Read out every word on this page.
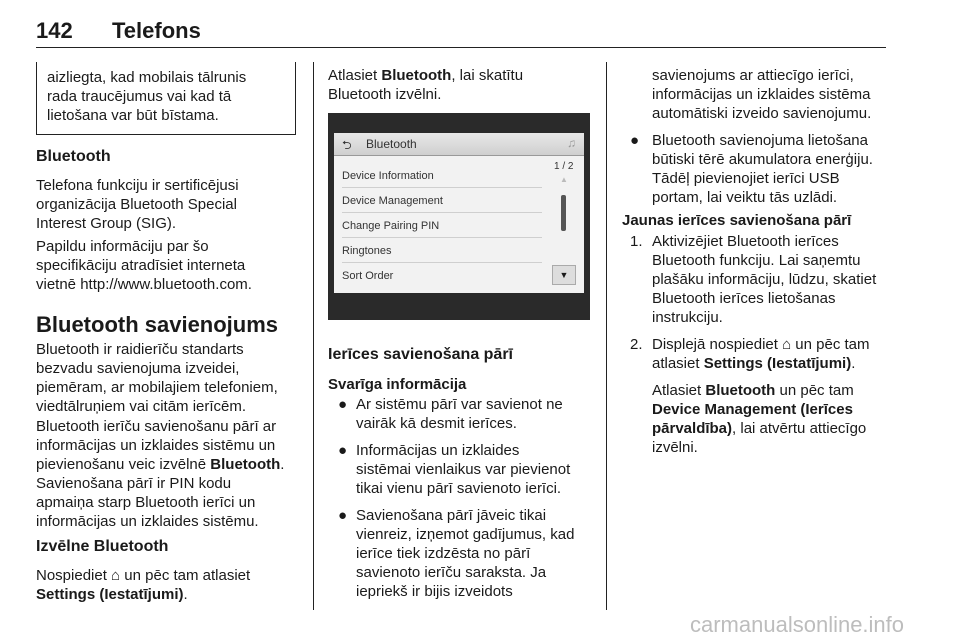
142 Telefons

aizliegta, kad mobilais tālrunis

rada traucējumus vai kad tā

lietošana var būt bīstama.

Bluetooth

Telefona funkciju ir sertificējusi

organizācija Bluetooth Special

Interest Group (SIG).

Papildu informāciju par šo

specifikāciju atradīsiet interneta

vietnē http://www.bluetooth.com.

Bluetooth savienojums

Bluetooth ir raidierīču standarts

bezvadu savienojuma izveidei,

piemēram, ar mobilajiem telefoniem,

viedtālruņiem vai citām ierīcēm.

Bluetooth ierīču savienošanu pārī ar

informācijas un izklaides sistēmu un

pievienošanu veic izvēlnē Bluetooth.

Savienošana pārī ir PIN kodu

apmaiņa starp Bluetooth ierīci un

informācijas un izklaides sistēmu.

Izvēlne Bluetooth

Nospiediet ⌂ un pēc tam atlasiet

Settings (Iestatījumi).

Atlasiet Bluetooth, lai skatītu

Bluetooth izvēlni.

⮌	Bluetooth	♫
1 / 2
Device Information
Device Management
Change Pairing PIN
Ringtones
Sort Order
▲
▼
Ierīces savienošana pārī
Svarīga informācija
● Ar sistēmu pārī var savienot ne

vairāk kā desmit ierīces.

● Informācijas un izklaides

sistēmai vienlaikus var pievienot

tikai vienu pārī savienoto ierīci.

● Savienošana pārī jāveic tikai

vienreiz, izņemot gadījumus, kad

ierīce tiek izdzēsta no pārī

savienoto ierīču saraksta. Ja

iepriekš ir bijis izveidots

savienojums ar attiecīgo ierīci,

informācijas un izklaides sistēma

automātiski izveido savienojumu.

● Bluetooth savienojuma lietošana

būtiski tērē akumulatora enerģiju.

Tādēļ pievienojiet ierīci USB

portam, lai veiktu tās uzlādi.

Jaunas ierīces savienošana pārī
1. Aktivizējiet Bluetooth ierīces

Bluetooth funkciju. Lai saņemtu

plašāku informāciju, lūdzu, skatiet

Bluetooth ierīces lietošanas

instrukciju.

2. Displejā nospiediet ⌂ un pēc tam

atlasiet Settings (Iestatījumi).

Atlasiet Bluetooth un pēc tam

Device Management (Ierīces

pārvaldība), lai atvērtu attiecīgo

izvēlni.

carmanualsonline.info
